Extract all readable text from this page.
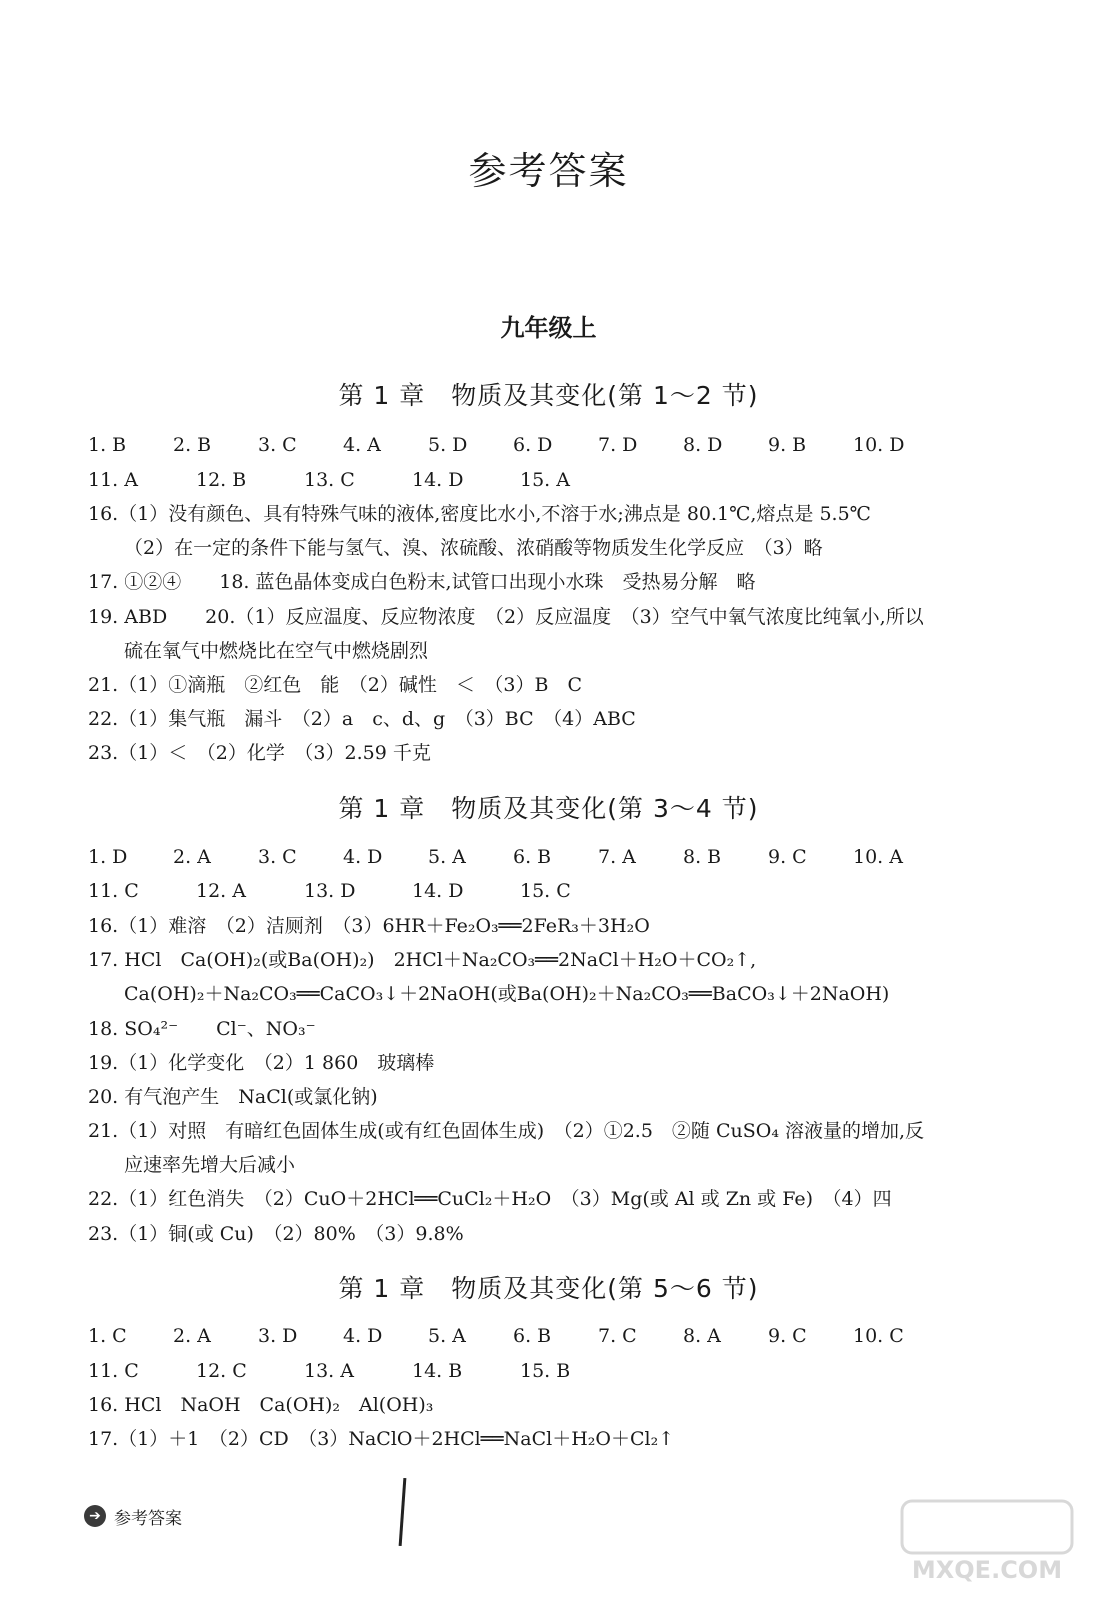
参考答案
九年级上
第 1 章　物质及其变化(第 1～2 节)
1. B 2. B 3. C 4. A 5. D 6. D 7. D 8. D 9. B 10. D
11. A	12. B	13. C	14. D	15. A
16.（1）没有颜色、具有特殊气味的液体,密度比水小,不溶于水;沸点是 80.1℃,熔点是 5.5℃
（2）在一定的条件下能与氢气、溴、浓硫酸、浓硝酸等物质发生化学反应　（3）略
17. ①②④　　18. 蓝色晶体变成白色粉末,试管口出现小水珠　受热易分解　略
19. ABD　　20.（1）反应温度、反应物浓度　（2）反应温度　（3）空气中氧气浓度比纯氧小,所以
硫在氧气中燃烧比在空气中燃烧剧烈
21.（1）①滴瓶　②红色　能　（2）碱性　＜　（3）B　C
22.（1）集气瓶　漏斗　（2）a　c、d、g　（3）BC　（4）ABC
23.（1）＜　（2）化学　（3）2.59 千克
第 1 章　物质及其变化(第 3～4 节)
1. D 2. A 3. C 4. D 5. A 6. B 7. A 8. B 9. C 10. A
11. C	12. A	13. D	14. D	15. C
16.（1）难溶　（2）洁厕剂　（3）6HR＋Fe₂O₃══2FeR₃＋3H₂O
17. HCl　Ca(OH)₂(或Ba(OH)₂)　2HCl＋Na₂CO₃══2NaCl＋H₂O＋CO₂↑,
Ca(OH)₂＋Na₂CO₃══CaCO₃↓＋2NaOH(或Ba(OH)₂＋Na₂CO₃══BaCO₃↓＋2NaOH)
18. SO₄²⁻　　Cl⁻、NO₃⁻
19.（1）化学变化　（2）1 860　玻璃棒
20. 有气泡产生　NaCl(或氯化钠)
21.（1）对照　有暗红色固体生成(或有红色固体生成)　（2）①2.5　②随 CuSO₄ 溶液量的增加,反
应速率先增大后减小
22.（1）红色消失　（2）CuO＋2HCl══CuCl₂＋H₂O　（3）Mg(或 Al 或 Zn 或 Fe)　（4）四
23.（1）铜(或 Cu)　（2）80%　（3）9.8%
第 1 章　物质及其变化(第 5～6 节)
1. C 2. A 3. D 4. D 5. A 6. B 7. C 8. A 9. C 10. C
11. C	12. C	13. A	14. B	15. B
16. HCl　NaOH　Ca(OH)₂　Al(OH)₃
17.（1）＋1　（2）CD　（3）NaClO＋2HCl══NaCl＋H₂O＋Cl₂↑
➔ 参考答案
MXQE.COM
